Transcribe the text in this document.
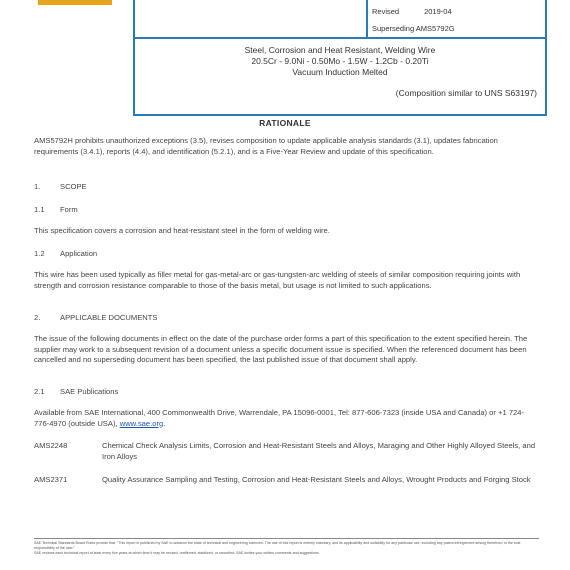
Revised	2019-04
Superseding AMS5792G
Steel, Corrosion and Heat Resistant, Welding Wire
20.5Cr - 9.0Ni - 0.50Mo - 1.5W - 1.2Cb - 0.20Ti
Vacuum Induction Melted
(Composition similar to UNS S63197)
RATIONALE
AMS5792H prohibits unauthorized exceptions (3.5), revises composition to update applicable analysis standards (3.1), updates fabrication requirements (3.4.1), reports (4.4), and identification (5.2.1), and is a Five-Year Review and update of this specification.
1.	SCOPE
1.1 Form
This specification covers a corrosion and heat-resistant steel in the form of welding wire.
1.2 Application
This wire has been used typically as filler metal for gas-metal-arc or gas-tungsten-arc welding of steels of similar composition requiring joints with strength and corrosion resistance comparable to those of the basis metal, but usage is not limited to such applications.
2.	APPLICABLE DOCUMENTS
The issue of the following documents in effect on the date of the purchase order forms a part of this specification to the extent specified herein. The supplier may work to a subsequent revision of a document unless a specific document issue is specified. When the referenced document has been cancelled and no superseding document has been specified, the last published issue of that document shall apply.
2.1 SAE Publications
Available from SAE International, 400 Commonwealth Drive, Warrendale, PA 15096-0001, Tel: 877-606-7323 (inside USA and Canada) or +1 724-776-4970 (outside USA), www.sae.org.
AMS2248	Chemical Check Analysis Limits, Corrosion and Heat-Resistant Steels and Alloys, Maraging and Other Highly Alloyed Steels, and Iron Alloys
AMS2371	Quality Assurance Sampling and Testing, Corrosion and Heat-Resistant Steels and Alloys, Wrought Products and Forging Stock
SAE Technical Standards Board Rules provide that: "This report is published by SAE to advance the state of technical and engineering sciences. The use of this report is entirely voluntary, and its applicability and suitability for any particular use, including any patent infringement arising therefrom, is the sole responsibility of the user."
SAE reviews each technical report at least every five years at which time it may be revised, reaffirmed, stabilized, or cancelled. SAE invites your written comments and suggestions.
